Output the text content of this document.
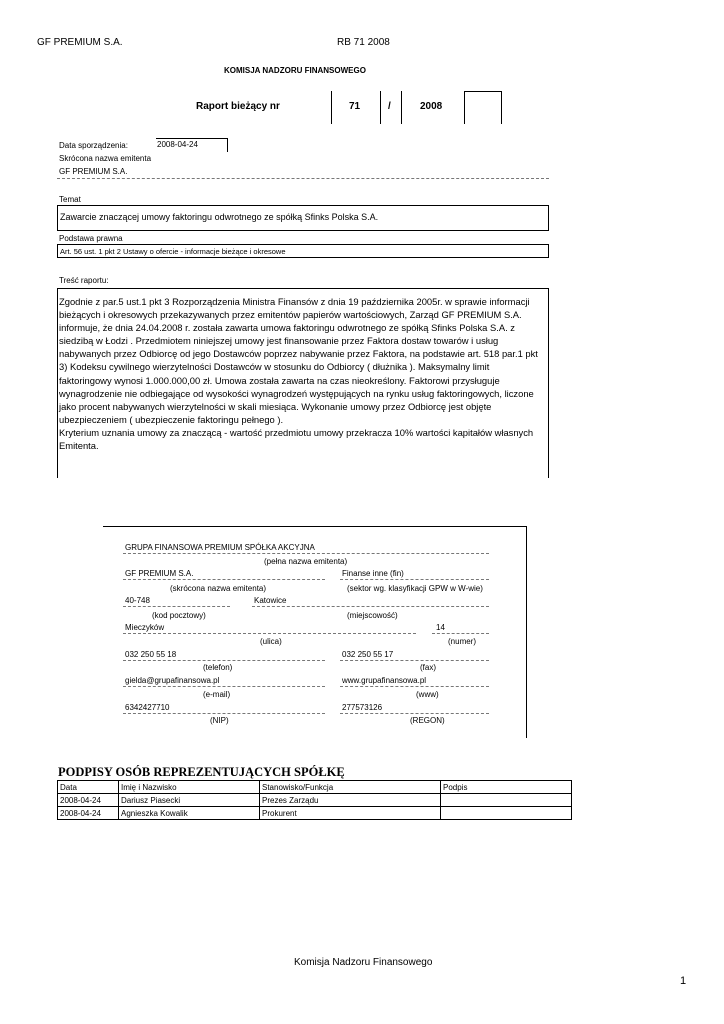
GF PREMIUM S.A.	RB 71 2008
KOMISJA NADZORU FINANSOWEGO
Raport bieżący nr	71	/	2008
Data sporządzenia:	2008-04-24
Skrócona nazwa emitenta
GF PREMIUM S.A.
Temat
Zawarcie znaczącej umowy faktoringu odwrotnego ze spółką Sfinks Polska S.A.
Podstawa prawna
Art. 56 ust. 1 pkt 2 Ustawy o ofercie - informacje bieżące i okresowe
Treść raportu:
Zgodnie z par.5 ust.1 pkt 3 Rozporządzenia Ministra Finansów z dnia 19 października 2005r. w sprawie informacji
bieżących i okresowych przekazywanych przez emitentów papierów wartościowych, Zarząd GF PREMIUM S.A.
informuje, że dnia 24.04.2008 r. została zawarta umowa faktoringu odwrotnego ze spółką Sfinks Polska S.A. z
siedzibą w Łodzi . Przedmiotem niniejszej umowy jest finansowanie przez Faktora dostaw towarów i usług
nabywanych przez Odbiorcę od jego Dostawców poprzez nabywanie przez Faktora, na podstawie art. 518 par.1 pkt
3) Kodeksu cywilnego wierzytelności Dostawców w stosunku do Odbiorcy ( dłużnika ). Maksymalny limit
faktoringowy wynosi 1.000.000,00 zł. Umowa została zawarta na czas nieokreślony. Faktorowi przysługuje
wynagrodzenie nie odbiegające od wysokości wynagrodzeń występujących na rynku usług faktoringowych, liczone
jako procent nabywanych wierzytelności w skali miesiąca. Wykonanie umowy przez Odbiorcę jest objęte
ubezpieczeniem ( ubezpieczenie faktoringu pełnego ).
Kryterium uznania umowy za znaczącą - wartość przedmiotu umowy przekracza 10% wartości kapitałów własnych
Emitenta.
GRUPA FINANSOWA PREMIUM SPÓŁKA AKCYJNA
(pełna nazwa emitenta)
GF PREMIUM S.A.	Finanse inne (fin)
(skrócona nazwa emitenta)	(sektor wg. klasyfikacji GPW w W-wie)
40-748	Katowice
(kod pocztowy)	(miejscowość)
Mieczyków	14
(ulica)	(numer)
032 250 55 18	032 250 55 17
(telefon)	(fax)
gielda@grupafinansowa.pl	www.grupafinansowa.pl
(e-mail)	(www)
6342427710	277573126
(NIP)	(REGON)
PODPISY OSÓB REPREZENTUJĄCYCH SPÓŁKĘ
Data	Imię i Nazwisko	Stanowisko/Funkcja	Podpis
2008-04-24	Dariusz Piasecki	Prezes Zarządu	
2008-04-24	Agnieszka Kowalik	Prokurent	
Komisja Nadzoru Finansowego
1
